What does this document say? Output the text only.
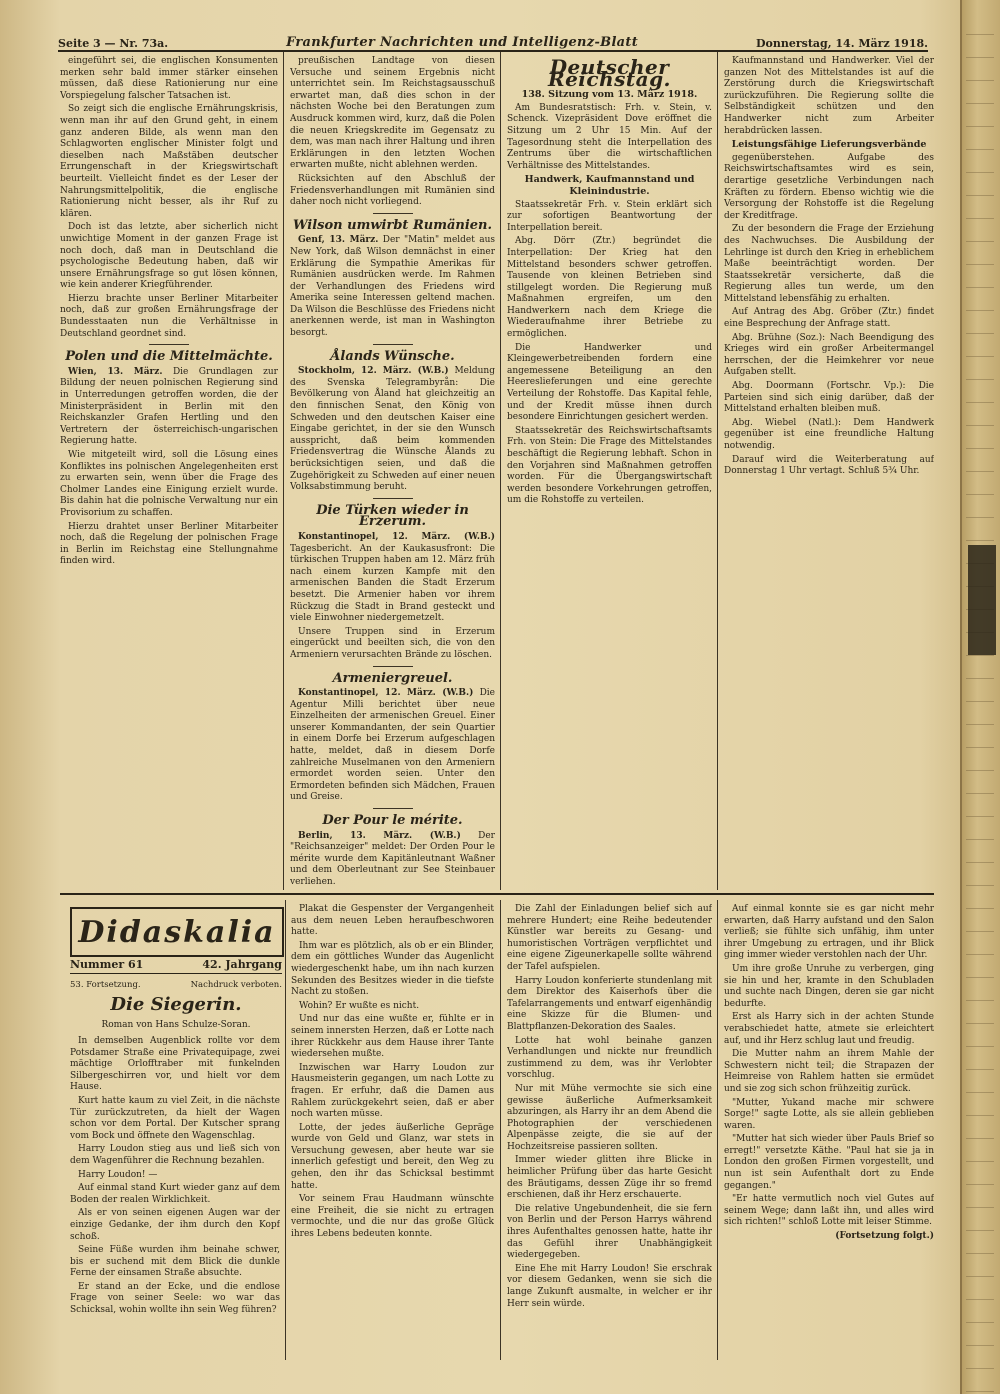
Seite 3 — Nr. 73a.	Frankfurter Nachrichten und Intelligenz-Blatt	Donnerstag, 14. März 1918.

eingeführt sei, die englischen Konsumenten merken sehr bald immer stärker einsehen müssen, daß diese Rationierung nur eine Vorspiegelung falscher Tatsachen ist.

So zeigt sich die englische Ernährungskrisis, wenn man ihr auf den Grund geht, in einem ganz anderen Bilde, als wenn man den Schlagworten englischer Minister folgt und dieselben nach Maßstäben deutscher Errungenschaft in der Kriegswirtschaft beurteilt. Vielleicht findet es der Leser der Nahrungsmittelpolitik, die englische Rationierung nicht besser, als ihr Ruf zu klären.

Doch ist das letzte, aber sicherlich nicht unwichtige Moment in der ganzen Frage ist noch doch, daß man in Deutschland die psychologische Bedeutung haben, daß wir unsere Ernährungsfrage so gut lösen können, wie kein anderer Kriegführender.

Hierzu brachte unser Berliner Mitarbeiter noch, daß zur großen Ernährungsfrage der Bundesstaaten nun die Verhältnisse in Deutschland geordnet sind.

Polen und die Mittelmächte.

Wien, 13. März. Die Grundlagen zur Bildung der neuen polnischen Regierung sind in Unterredungen getroffen worden, die der Ministerpräsident in Berlin mit den Reichskanzler Grafen Hertling und den Vertretern der österreichisch-ungarischen Regierung hatte.

Wie mitgeteilt wird, soll die Lösung eines Konfliktes ins polnischen Angelegenheiten erst zu erwarten sein, wenn über die Frage des Cholmer Landes eine Einigung erzielt wurde. Bis dahin hat die polnische Verwaltung nur ein Provisorium zu schaffen.

Hierzu drahtet unser Berliner Mitarbeiter noch, daß die Regelung der polnischen Frage in Berlin im Reichstag eine Stellungnahme finden wird.

preußischen Landtage von diesen Versuche und seinem Ergebnis nicht unterrichtet sein. Im Reichstagsausschuß erwartet man, daß dies schon in der nächsten Woche bei den Beratungen zum Ausdruck kommen wird, kurz, daß die Polen die neuen Kriegskredite im Gegensatz zu dem, was man nach ihrer Haltung und ihren Erklärungen in den letzten Wochen erwarten mußte, nicht ablehnen werden.

Rücksichten auf den Abschluß der Friedensverhandlungen mit Rumänien sind daher noch nicht vorliegend.

Wilson umwirbt Rumänien.

Genf, 13. März. Der "Matin" meldet aus New York, daß Wilson demnächst in einer Erklärung die Sympathie Amerikas für Rumänien ausdrücken werde. Im Rahmen der Verhandlungen des Friedens wird Amerika seine Interessen geltend machen. Da Wilson die Beschlüsse des Friedens nicht anerkennen werde, ist man in Washington besorgt.

Ålands Wünsche.

Stockholm, 12. März. (W.B.) Meldung des Svenska Telegrambyrån: Die Bevölkerung von Åland hat gleichzeitig an den finnischen Senat, den König von Schweden und den deutschen Kaiser eine Eingabe gerichtet, in der sie den Wunsch ausspricht, daß beim kommenden Friedensvertrag die Wünsche Ålands zu berücksichtigen seien, und daß die Zugehörigkeit zu Schweden auf einer neuen Volksabstimmung beruht.

Die Türken wieder in Erzerum.

Konstantinopel, 12. März. (W.B.) Tagesbericht. An der Kaukasusfront: Die türkischen Truppen haben am 12. März früh nach einem kurzen Kampfe mit den armenischen Banden die Stadt Erzerum besetzt. Die Armenier haben vor ihrem Rückzug die Stadt in Brand gesteckt und viele Einwohner niedergemetzelt.

Unsere Truppen sind in Erzerum eingerückt und beeilten sich, die von den Armeniern verursachten Brände zu löschen.

Armeniergreuel.

Konstantinopel, 12. März. (W.B.) Die Agentur Milli berichtet über neue Einzelheiten der armenischen Greuel. Einer unserer Kommandanten, der sein Quartier in einem Dorfe bei Erzerum aufgeschlagen hatte, meldet, daß in diesem Dorfe zahlreiche Muselmanen von den Armeniern ermordet worden seien. Unter den Ermordeten befinden sich Mädchen, Frauen und Greise.

Der Pour le mérite.

Berlin, 13. März. (W.B.) Der "Reichsanzeiger" meldet: Der Orden Pour le mérite wurde dem Kapitänleutnant Waßner und dem Oberleutnant zur See Steinbauer verliehen.

Deutscher Reichstag.
138. Sitzung vom 13. März 1918.

Am Bundesratstisch: Frh. v. Stein, v. Schenck. Vizepräsident Dove eröffnet die Sitzung um 2 Uhr 15 Min. Auf der Tagesordnung steht die Interpellation des Zentrums über die wirtschaftlichen Verhältnisse des Mittelstandes.

Handwerk, Kaufmannstand und Kleinindustrie.

Staatssekretär Frh. v. Stein erklärt sich zur sofortigen Beantwortung der Interpellation bereit.

Abg. Dörr (Ztr.) begründet die Interpellation: Der Krieg hat den Mittelstand besonders schwer getroffen. Tausende von kleinen Betrieben sind stillgelegt worden. Die Regierung muß Maßnahmen ergreifen, um den Handwerkern nach dem Kriege die Wiederaufnahme ihrer Betriebe zu ermöglichen.

Die Handwerker und Kleingewerbetreibenden fordern eine angemessene Beteiligung an den Heereslieferungen und eine gerechte Verteilung der Rohstoffe. Das Kapital fehle, und der Kredit müsse ihnen durch besondere Einrichtungen gesichert werden.

Staatssekretär des Reichswirtschaftsamts Frh. von Stein: Die Frage des Mittelstandes beschäftigt die Regierung lebhaft. Schon in den Vorjahren sind Maßnahmen getroffen worden. Für die Übergangswirtschaft werden besondere Vorkehrungen getroffen, um die Rohstoffe zu verteilen.

Kaufmannstand und Handwerker. Viel der ganzen Not des Mittelstandes ist auf die Zerstörung durch die Kriegswirtschaft zurückzuführen. Die Regierung sollte die Selbständigkeit schützen und den Handwerker nicht zum Arbeiter herabdrücken lassen.

Leistungsfähige Lieferungsverbände

gegenüberstehen. Aufgabe des Reichswirtschaftsamtes wird es sein, derartige gesetzliche Verbindungen nach Kräften zu fördern. Ebenso wichtig wie die Versorgung der Rohstoffe ist die Regelung der Kreditfrage.

Zu der besondern die Frage der Erziehung des Nachwuchses. Die Ausbildung der Lehrlinge ist durch den Krieg in erheblichem Maße beeinträchtigt worden. Der Staatssekretär versicherte, daß die Regierung alles tun werde, um den Mittelstand lebensfähig zu erhalten.

Auf Antrag des Abg. Gröber (Ztr.) findet eine Besprechung der Anfrage statt.

Abg. Brühne (Soz.): Nach Beendigung des Krieges wird ein großer Arbeitermangel herrschen, der die Heimkehrer vor neue Aufgaben stellt.

Abg. Doormann (Fortschr. Vp.): Die Parteien sind sich einig darüber, daß der Mittelstand erhalten bleiben muß.

Abg. Wiebel (Natl.): Dem Handwerk gegenüber ist eine freundliche Haltung notwendig.

Darauf wird die Weiterberatung auf Donnerstag 1 Uhr vertagt. Schluß 5¾ Uhr.

Didaskalia
Nummer 61	42. Jahrgang
53. Fortsetzung.	Nachdruck verboten.
Die Siegerin.
Roman von Hans Schulze-Soran.

In demselben Augenblick rollte vor dem Potsdamer Straße eine Privatequipage, zwei mächtige Orlofftraber mit funkelnden Silbergeschirren vor, und hielt vor dem Hause.

Kurt hatte kaum zu viel Zeit, in die nächste Tür zurückzutreten, da hielt der Wagen schon vor dem Portal. Der Kutscher sprang vom Bock und öffnete den Wagenschlag.

Harry Loudon stieg aus und ließ sich von dem Wagenführer die Rechnung bezahlen.

Harry Loudon! —

Auf einmal stand Kurt wieder ganz auf dem Boden der realen Wirklichkeit.

Als er von seinen eigenen Augen war der einzige Gedanke, der ihm durch den Kopf schoß.

Seine Füße wurden ihm beinahe schwer, bis er suchend mit dem Blick die dunkle Ferne der einsamen Straße absuchte.

Er stand an der Ecke, und die endlose Frage von seiner Seele: wo war das Schicksal, wohin wollte ihn sein Weg führen?

Plakat die Gespenster der Vergangenheit aus dem neuen Leben heraufbeschworen hatte.

Ihm war es plötzlich, als ob er ein Blinder, dem ein göttliches Wunder das Augenlicht wiedergeschenkt habe, um ihn nach kurzen Sekunden des Besitzes wieder in die tiefste Nacht zu stoßen.

Wohin? Er wußte es nicht.

Und nur das eine wußte er, fühlte er in seinem innersten Herzen, daß er Lotte nach ihrer Rückkehr aus dem Hause ihrer Tante wiedersehen mußte.

Inzwischen war Harry Loudon zur Hausmeisterin gegangen, um nach Lotte zu fragen. Er erfuhr, daß die Damen aus Rahlem zurückgekehrt seien, daß er aber noch warten müsse.

Lotte, der jedes äußerliche Gepräge wurde von Geld und Glanz, war stets in Versuchung gewesen, aber heute war sie innerlich gefestigt und bereit, den Weg zu gehen, den ihr das Schicksal bestimmt hatte.

Vor seinem Frau Haudmann wünschte eine Freiheit, die sie nicht zu ertragen vermochte, und die nur das große Glück ihres Lebens bedeuten konnte.

Die Zahl der Einladungen belief sich auf mehrere Hundert; eine Reihe bedeutender Künstler war bereits zu Gesang- und humoristischen Vorträgen verpflichtet und eine eigene Zigeunerkapelle sollte während der Tafel aufspielen.

Harry Loudon konferierte stundenlang mit dem Direktor des Kaiserhofs über die Tafelarrangements und entwarf eigenhändig eine Skizze für die Blumen- und Blattpflanzen-Dekoration des Saales.

Lotte hat wohl beinahe ganzen Verhandlungen und nickte nur freundlich zustimmend zu dem, was ihr Verlobter vorschlug.

Nur mit Mühe vermochte sie sich eine gewisse äußerliche Aufmerksamkeit abzuringen, als Harry ihr an dem Abend die Photographien der verschiedenen Alpenpässe zeigte, die sie auf der Hochzeitsreise passieren sollten.

Immer wieder glitten ihre Blicke in heimlicher Prüfung über das harte Gesicht des Bräutigams, dessen Züge ihr so fremd erschienen, daß ihr Herz erschauerte.

Die relative Ungebundenheit, die sie fern von Berlin und der Person Harrys während ihres Aufenthaltes genossen hatte, hatte ihr das Gefühl ihrer Unabhängigkeit wiedergegeben.

Eine Ehe mit Harry Loudon! Sie erschrak vor diesem Gedanken, wenn sie sich die lange Zukunft ausmalte, in welcher er ihr Herr sein würde.

Auf einmal konnte sie es gar nicht mehr erwarten, daß Harry aufstand und den Salon verließ; sie fühlte sich unfähig, ihm unter ihrer Umgebung zu ertragen, und ihr Blick ging immer wieder verstohlen nach der Uhr.

Um ihre große Unruhe zu verbergen, ging sie hin und her, kramte in den Schubladen und suchte nach Dingen, deren sie gar nicht bedurfte.

Erst als Harry sich in der achten Stunde verabschiedet hatte, atmete sie erleichtert auf, und ihr Herz schlug laut und freudig.

Die Mutter nahm an ihrem Mahle der Schwestern nicht teil; die Strapazen der Heimreise von Rahlem hatten sie ermüdet und sie zog sich schon frühzeitig zurück.

"Mutter, Yukand mache mir schwere Sorge!" sagte Lotte, als sie allein geblieben waren.

"Mutter hat sich wieder über Pauls Brief so erregt!" versetzte Käthe. "Paul hat sie ja in London den großen Firmen vorgestellt, und nun ist sein Aufenthalt dort zu Ende gegangen."

"Er hatte vermutlich noch viel Gutes auf seinem Wege; dann laßt ihn, und alles wird sich richten!" schloß Lotte mit leiser Stimme.

(Fortsetzung folgt.)
